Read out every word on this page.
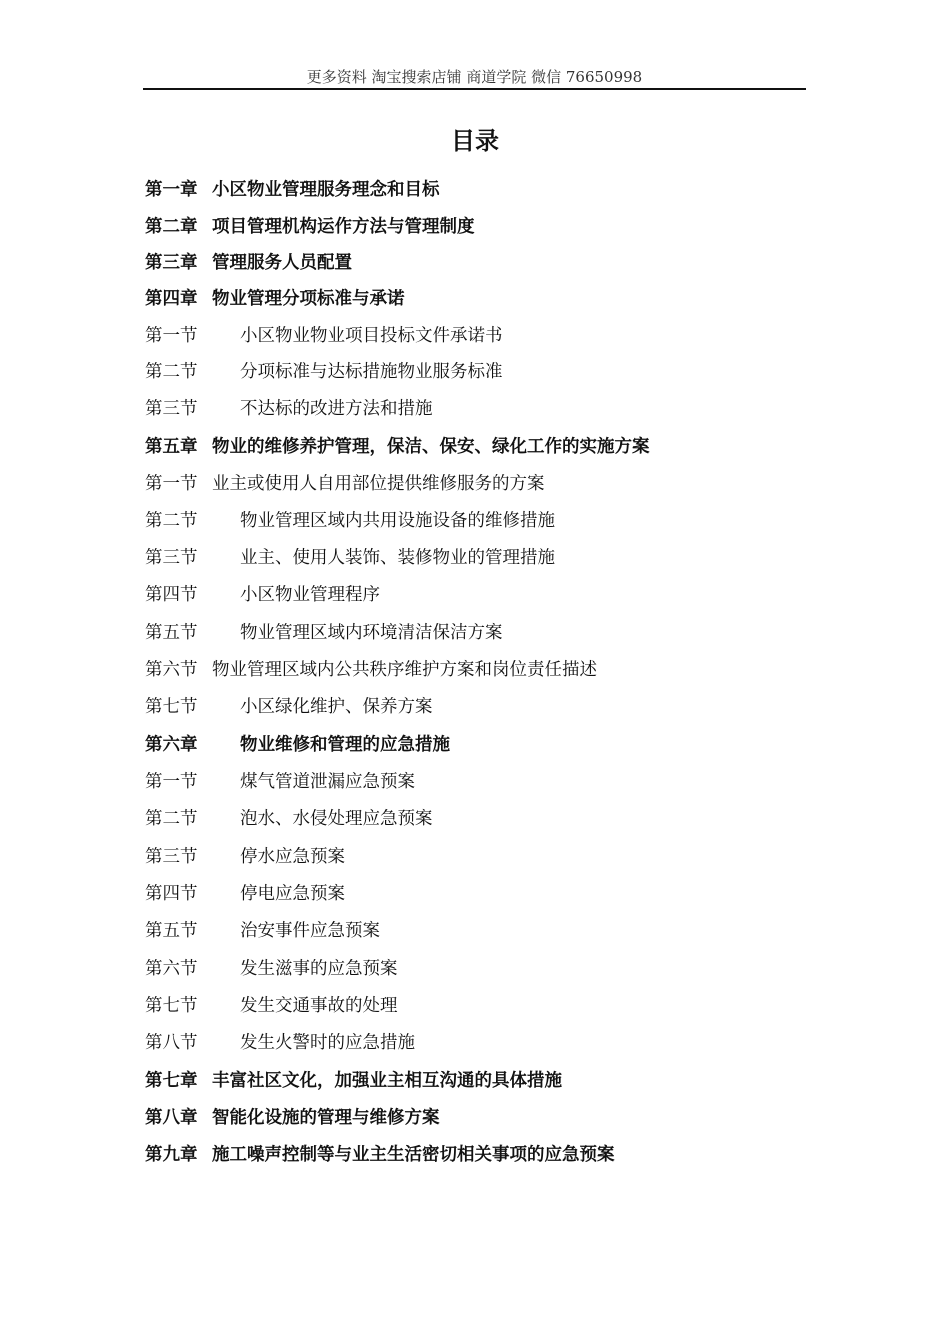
更多资料 淘宝搜索店铺 商道学院 微信 76650998
目录
第一章 小区物业管理服务理念和目标
第二章 项目管理机构运作方法与管理制度
第三章 管理服务人员配置
第四章 物业管理分项标准与承诺
第一节 小区物业物业项目投标文件承诺书
第二节 分项标准与达标措施物业服务标准
第三节 不达标的改进方法和措施
第五章 物业的维修养护管理，保洁、保安、绿化工作的实施方案
第一节 业主或使用人自用部位提供维修服务的方案
第二节 物业管理区域内共用设施设备的维修措施
第三节 业主、使用人装饰、装修物业的管理措施
第四节 小区物业管理程序
第五节 物业管理区域内环境清洁保洁方案
第六节 物业管理区域内公共秩序维护方案和岗位责任描述
第七节 小区绿化维护、保养方案
第六章 物业维修和管理的应急措施
第一节 煤气管道泄漏应急预案
第二节 泡水、水侵处理应急预案
第三节 停水应急预案
第四节 停电应急预案
第五节 治安事件应急预案
第六节 发生滋事的应急预案
第七节 发生交通事故的处理
第八节 发生火警时的应急措施
第七章 丰富社区文化，加强业主相互沟通的具体措施
第八章 智能化设施的管理与维修方案
第九章 施工噪声控制等与业主生活密切相关事项的应急预案
